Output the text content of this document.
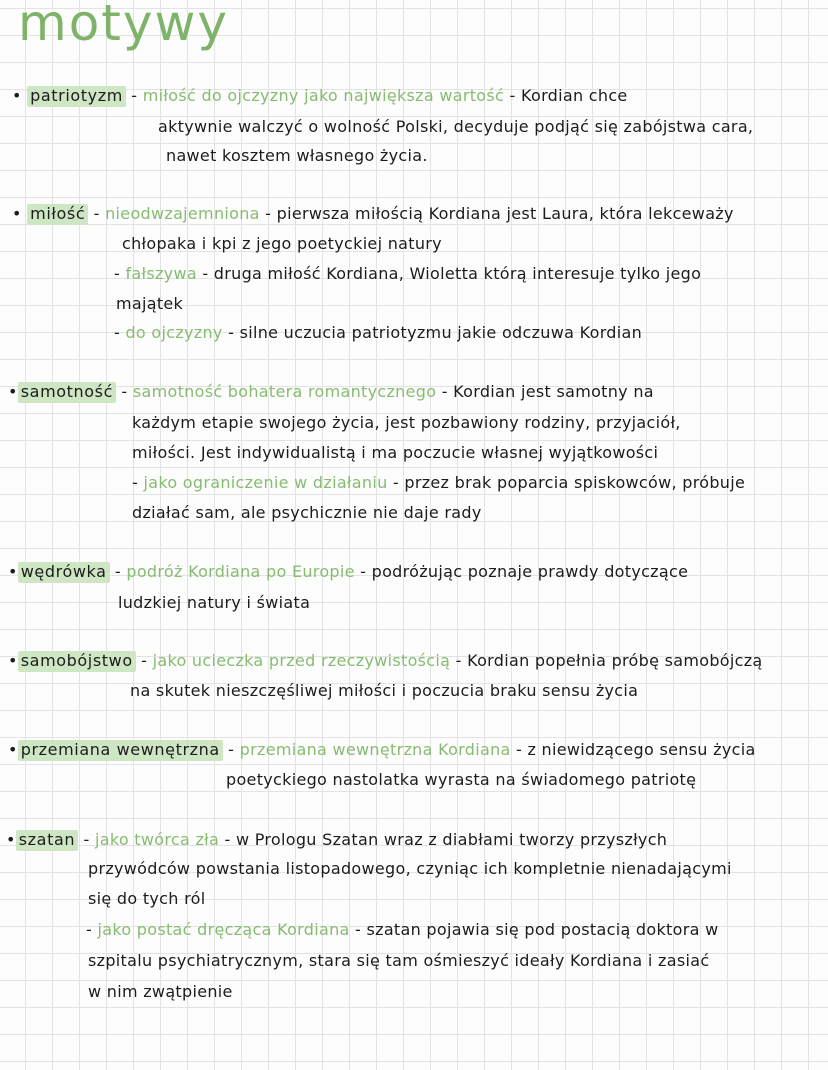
motywy
• patriotyzm - miłość do ojczyzny jako największa wartość - Kordian chce
aktywnie walczyć o wolność Polski, decyduje podjąć się zabójstwa cara,
nawet kosztem własnego życia.
• miłość - nieodwzajemniona - pierwsza miłością Kordiana jest Laura, która lekceważy
chłopaka i kpi z jego poetyckiej natury
- fałszywa - druga miłość Kordiana, Wioletta którą interesuje tylko jego
majątek
- do ojczyzny - silne uczucia patriotyzmu jakie odczuwa Kordian
• samotność - samotność bohatera romantycznego - Kordian jest samotny na
każdym etapie swojego życia, jest pozbawiony rodziny, przyjaciół,
miłości. Jest indywidualistą i ma poczucie własnej wyjątkowości
- jako ograniczenie w działaniu - przez brak poparcia spiskowców, próbuje
działać sam, ale psychicznie nie daje rady
• wędrówka - podróż Kordiana po Europie - podróżując poznaje prawdy dotyczące
ludzkiej natury i świata
• samobójstwo - jako ucieczka przed rzeczywistością - Kordian popełnia próbę samobójczą
na skutek nieszczęśliwej miłości i poczucia braku sensu życia
• przemiana wewnętrzna - przemiana wewnętrzna Kordiana - z niewidzącego sensu życia
poetyckiego nastolatka wyrasta na świadomego patriotę
• szatan - jako twórca zła - w Prologu Szatan wraz z diabłami tworzy przyszłych
przywódców powstania listopadowego, czyniąc ich kompletnie nienadającymi
się do tych ról
- jako postać dręcząca Kordiana - szatan pojawia się pod postacią doktora w
szpitalu psychiatrycznym, stara się tam ośmieszyć ideały Kordiana i zasiać
w nim zwątpienie
